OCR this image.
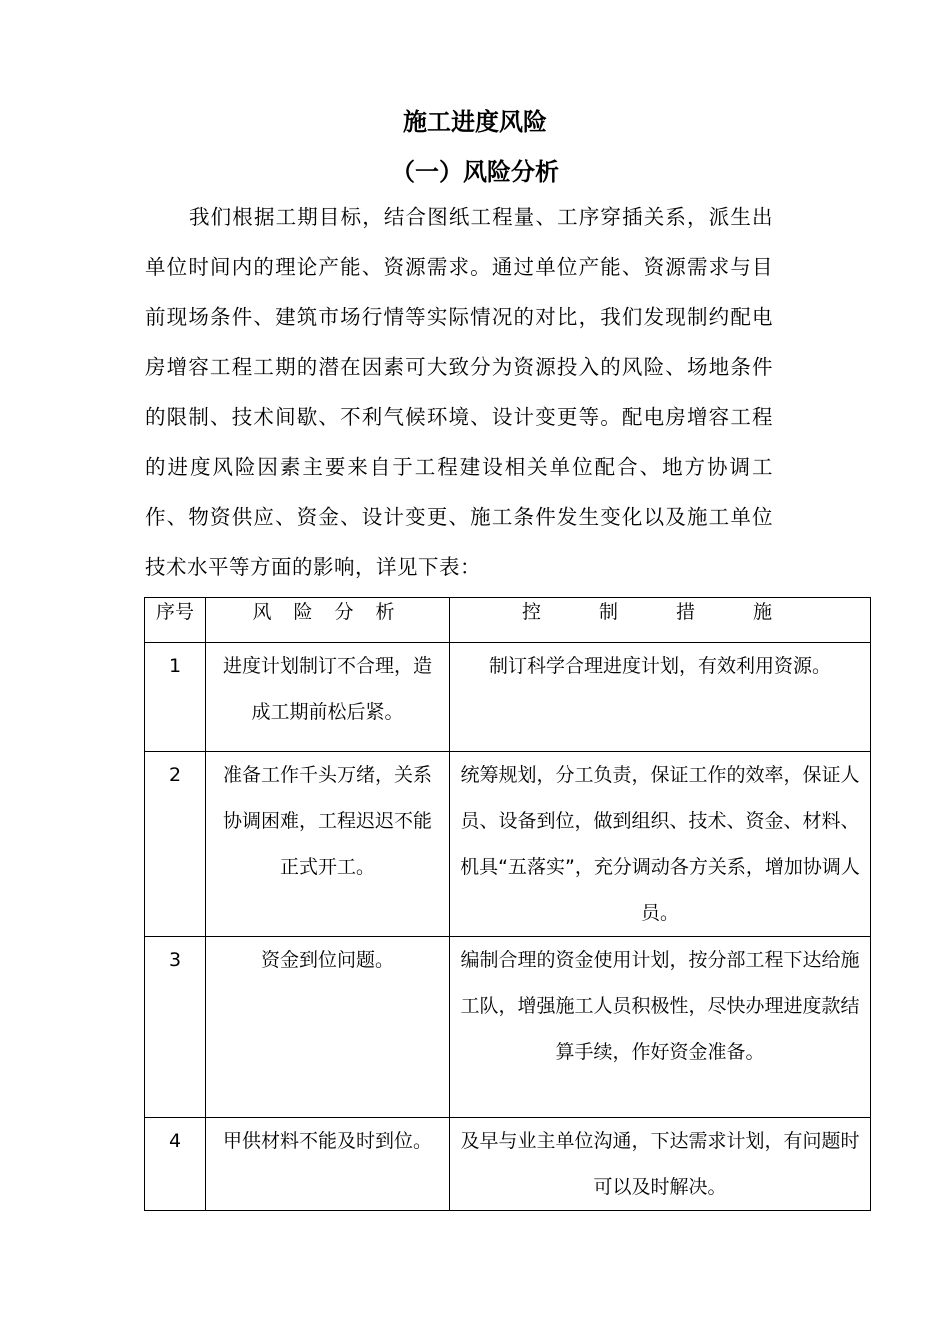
施工进度风险
（一）风险分析

我们根据工期目标，结合图纸工程量、工序穿插关系，派生出单位时间内的理论产能、资源需求。通过单位产能、资源需求与目前现场条件、建筑市场行情等实际情况的对比，我们发现制约配电房增容工程工期的潜在因素可大致分为资源投入的风险、场地条件的限制、技术间歇、不利气候环境、设计变更等。配电房增容工程的进度风险因素主要来自于工程建设相关单位配合、地方协调工作、物资供应、资金、设计变更、施工条件发生变化以及施工单位技术水平等方面的影响，详见下表：

序号	风 险 分 析	控 制 措 施
1	进度计划制订不合理，造成工期前松后紧。	制订科学合理进度计划，有效利用资源。
2	准备工作千头万绪，关系协调困难，工程迟迟不能正式开工。	统筹规划，分工负责，保证工作的效率，保证人员、设备到位，做到组织、技术、资金、材料、机具“五落实”，充分调动各方关系，增加协调人员。
3	资金到位问题。	编制合理的资金使用计划，按分部工程下达给施工队，增强施工人员积极性，尽快办理进度款结算手续，作好资金准备。
4	甲供材料不能及时到位。	及早与业主单位沟通，下达需求计划，有问题时可以及时解决。
